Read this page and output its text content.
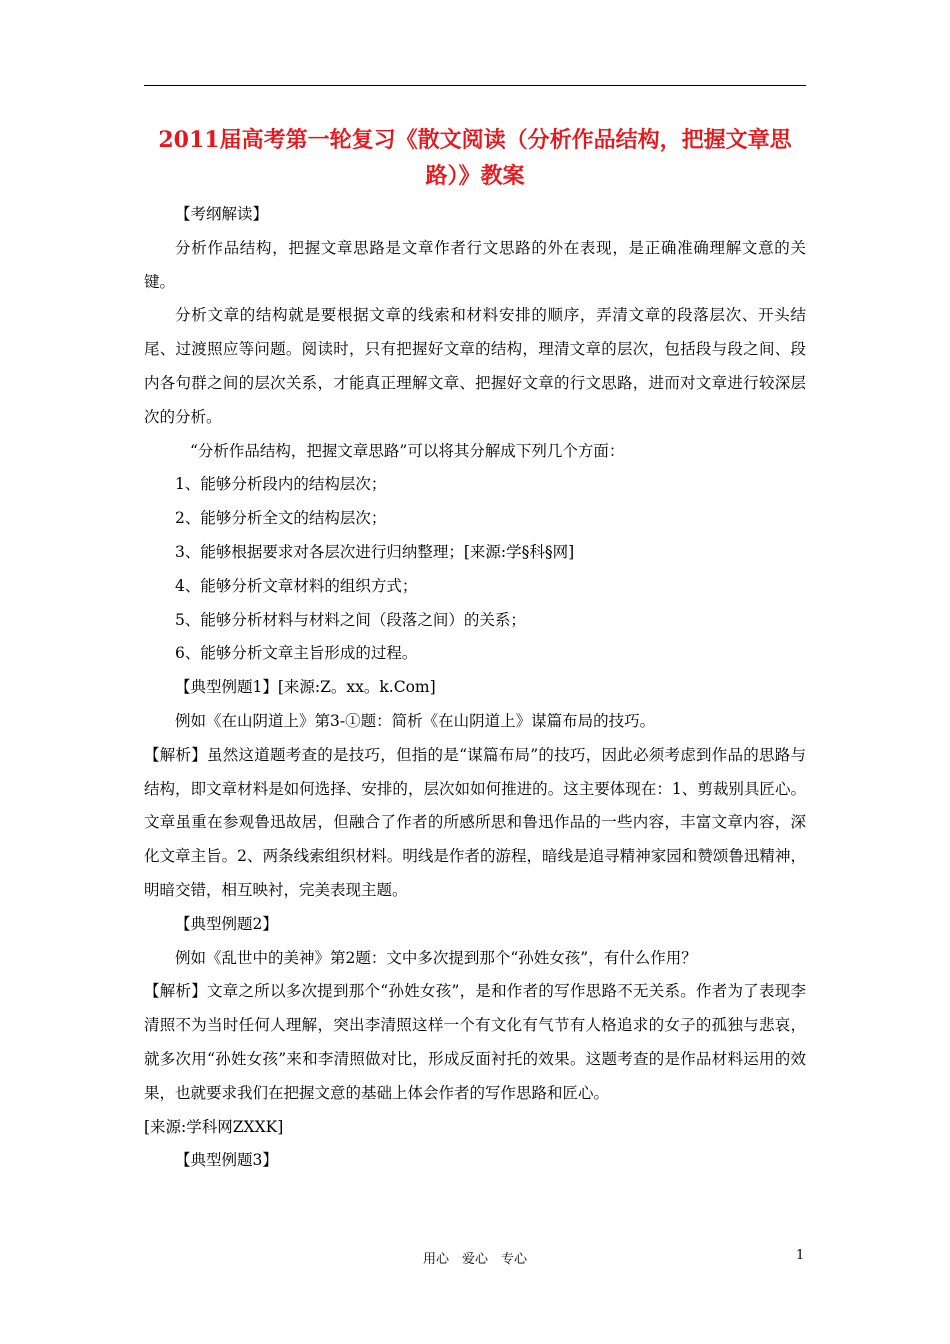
2011届高考第一轮复习《散文阅读（分析作品结构，把握文章思路）》教案

【考纲解读】

分析作品结构，把握文章思路是文章作者行文思路的外在表现，是正确准确理解文意的关键。

分析文章的结构就是要根据文章的线索和材料安排的顺序，弄清文章的段落层次、开头结尾、过渡照应等问题。阅读时，只有把握好文章的结构，理清文章的层次，包括段与段之间、段内各句群之间的层次关系，才能真正理解文章、把握好文章的行文思路，进而对文章进行较深层次的分析。

“分析作品结构，把握文章思路”可以将其分解成下列几个方面：

1、能够分析段内的结构层次；

2、能够分析全文的结构层次；

3、能够根据要求对各层次进行归纳整理；[来源:学§科§网]

4、能够分析文章材料的组织方式；

5、能够分析材料与材料之间（段落之间）的关系；

6、能够分析文章主旨形成的过程。

【典型例题1】[来源:Z。xx。k.Com]

例如《在山阴道上》第3-①题：简析《在山阴道上》谋篇布局的技巧。

【解析】虽然这道题考查的是技巧，但指的是“谋篇布局”的技巧，因此必须考虑到作品的思路与结构，即文章材料是如何选择、安排的，层次如如何推进的。这主要体现在：1、剪裁别具匠心。文章虽重在参观鲁迅故居，但融合了作者的所感所思和鲁迅作品的一些内容，丰富文章内容，深化文章主旨。2、两条线索组织材料。明线是作者的游程，暗线是追寻精神家园和赞颂鲁迅精神，明暗交错，相互映衬，完美表现主题。

【典型例题2】

例如《乱世中的美神》第2题：文中多次提到那个“孙姓女孩”，有什么作用？

【解析】文章之所以多次提到那个“孙姓女孩”，是和作者的写作思路不无关系。作者为了表现李清照不为当时任何人理解，突出李清照这样一个有文化有气节有人格追求的女子的孤独与悲哀，就多次用“孙姓女孩”来和李清照做对比，形成反面衬托的效果。这题考查的是作品材料运用的效果，也就要求我们在把握文意的基础上体会作者的写作思路和匠心。

[来源:学科网ZXXK]

【典型例题3】

用心　爱心　专心	1
